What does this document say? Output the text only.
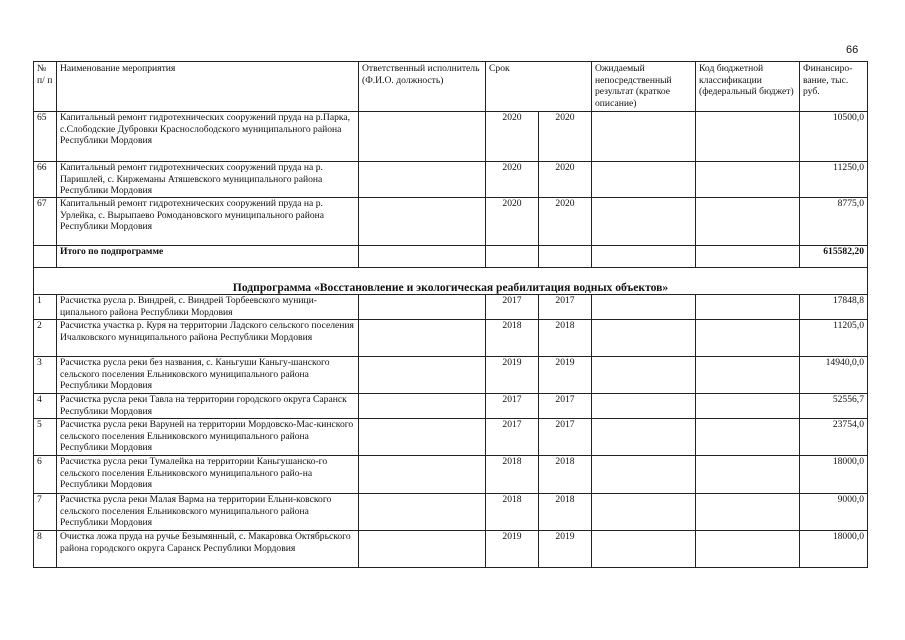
66
№ п/ п	Наименование мероприятия	Ответственный исполнитель (Ф.И.О. должность)	Срок		Ожидаемый непосредственный результат (краткое описание)	Код бюджетной классификации (федеральный бюджет)	Финансиро-вание, тыс. руб.
65	Капитальный ремонт гидротехнических сооружений пруда на р.Парка, с.Слободские Дубровки Краснослободского муниципального района Республики Мордовия		2020	2020			10500,0
66	Капитальный ремонт гидротехнических сооружений пруда на р. Паришлей, с. Киржеманы Атяшевского муниципального района Республики Мордовия		2020	2020			11250,0
67	Капитальный ремонт гидротехнических сооружений пруда на р. Урлейка, с. Вырыпаево Ромодановского муниципального района Республики Мордовия		2020	2020			8775,0
	Итого по подпрограмме						615582,20
Подпрограмма «Восстановление и экологическая реабилитация водных объектов»							
1	Расчистка русла р. Виндрей, с. Виндрей Торбеевского муници-ципального района Республики Мордовия		2017	2017			17848,8
2	Расчистка участка р. Куря на территории Ладского сельского поселения Ичалковского муниципального района Республики Мордовия		2018	2018			11205,0
3	Расчистка русла реки без названия, с. Каньгуши Каньгу-шанского сельского поселения Ельниковского муниципального района Республики Мордовия		2019	2019			14940,0,0
4	Расчистка русла реки Тавла на территории городского округа Саранск Республики Мордовия		2017	2017			52556,7
5	Расчистка русла реки Варуней на территории Мордовско-Мас-кинского сельского поселения Ельниковского муниципального района Республики Мордовия		2017	2017			23754,0
6	Расчистка русла реки Тумалейка на территории Каньгушанско-го сельского поселения Ельниковского муниципального райо-на Республики Мордовия		2018	2018			18000,0
7	Расчистка русла реки Малая Варма на территории Ельни-ковского сельского поселения Ельниковского муниципального района Республики Мордовия		2018	2018			9000,0
8	Очистка ложа пруда на ручье Безымянный, с. Макаровка Октябрьского района городского округа Саранск Республики Мордовия		2019	2019			18000,0
